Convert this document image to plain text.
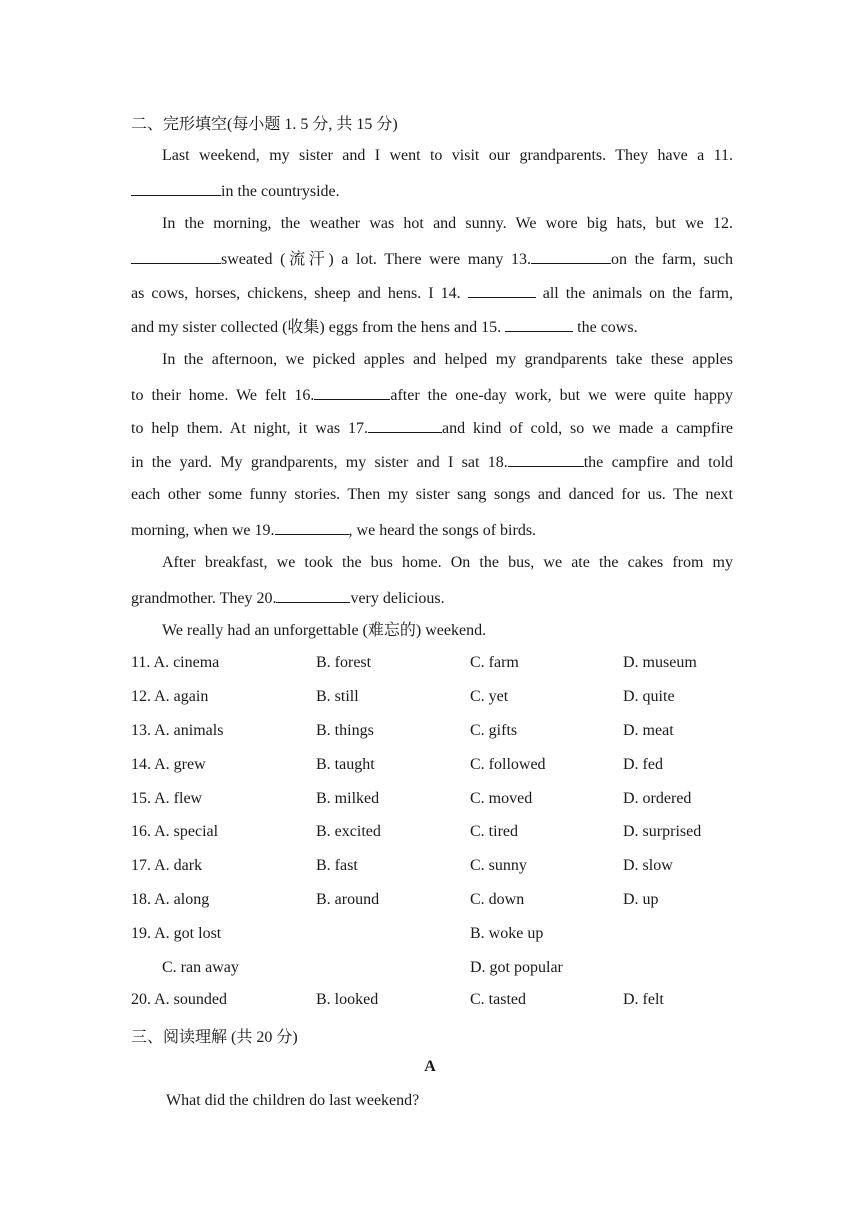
二、完形填空(每小题 1. 5 分, 共 15 分)
Last weekend, my sister and I went to visit our grandparents. They have a 11.
in the countryside.
In the morning, the weather was hot and sunny. We wore big hats, but we 12.
sweated (流汗) a lot. There were many 13.	on the farm, such
as cows, horses, chickens, sheep and hens. I 14.	all the animals on the farm,
and my sister collected (收集) eggs from the hens and 15.	the cows.
In the afternoon, we picked apples and helped my grandparents take these apples
to their home. We felt 16.	after the one-day work, but we were quite happy
to help them. At night, it was 17.	and kind of cold, so we made a campfire
in the yard. My grandparents, my sister and I sat 18.	the campfire and told
each other some funny stories. Then my sister sang songs and danced for us. The next
morning, when we 19.	, we heard the songs of birds.
After breakfast, we took the bus home. On the bus, we ate the cakes from my
grandmother. They 20.	very delicious.
We really had an unforgettable (难忘的) weekend.
11. A. cinema	B. forest	C. farm	D. museum
12. A. again	B. still	C. yet	D. quite
13. A. animals	B. things	C. gifts	D. meat
14. A. grew	B. taught	C. followed	D. fed
15. A. flew	B. milked	C. moved	D. ordered
16. A. special	B. excited	C. tired	D. surprised
17. A. dark	B. fast	C. sunny	D. slow
18. A. along	B. around	C. down	D. up
19. A. got lost	B. woke up
C. ran away	D. got popular
20. A. sounded	B. looked	C. tasted	D. felt
三、阅读理解 (共 20 分)
A
What did the children do last weekend?
